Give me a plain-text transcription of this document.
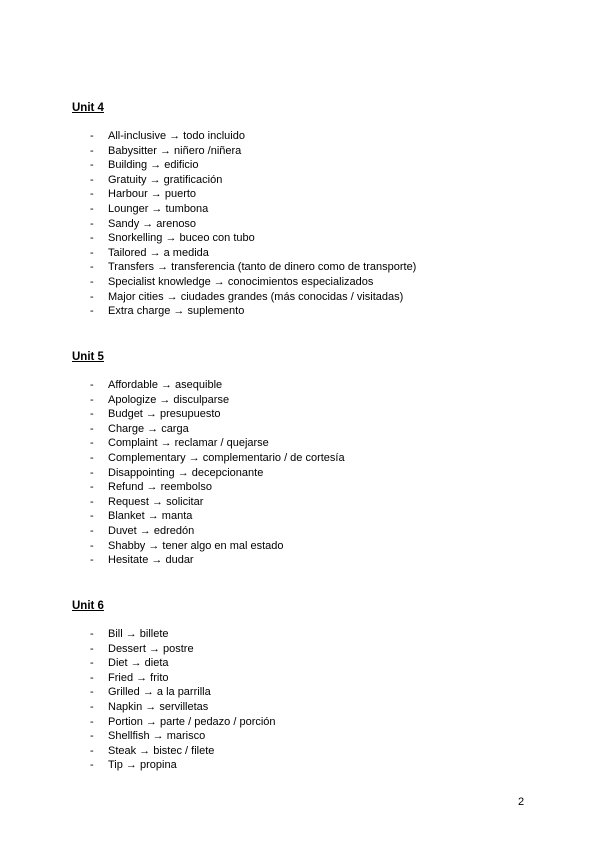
Unit 4
- All-inclusive → todo incluido
- Babysitter → niñero /niñera
- Building → edificio
- Gratuity → gratificación
- Harbour → puerto
- Lounger → tumbona
- Sandy → arenoso
- Snorkelling → buceo con tubo
- Tailored → a medida
- Transfers → transferencia (tanto de dinero como de transporte)
- Specialist knowledge → conocimientos especializados
- Major cities → ciudades grandes (más conocidas / visitadas)
- Extra charge → suplemento
Unit 5
- Affordable → asequible
- Apologize → disculparse
- Budget → presupuesto
- Charge → carga
- Complaint → reclamar / quejarse
- Complementary → complementario / de cortesía
- Disappointing → decepcionante
- Refund → reembolso
- Request → solicitar
- Blanket → manta
- Duvet → edredón
- Shabby → tener algo en mal estado
- Hesitate → dudar
Unit 6
- Bill → billete
- Dessert → postre
- Diet → dieta
- Fried → frito
- Grilled → a la parrilla
- Napkin → servilletas
- Portion → parte / pedazo / porción
- Shellfish → marisco
- Steak → bistec / filete
- Tip → propina
2
